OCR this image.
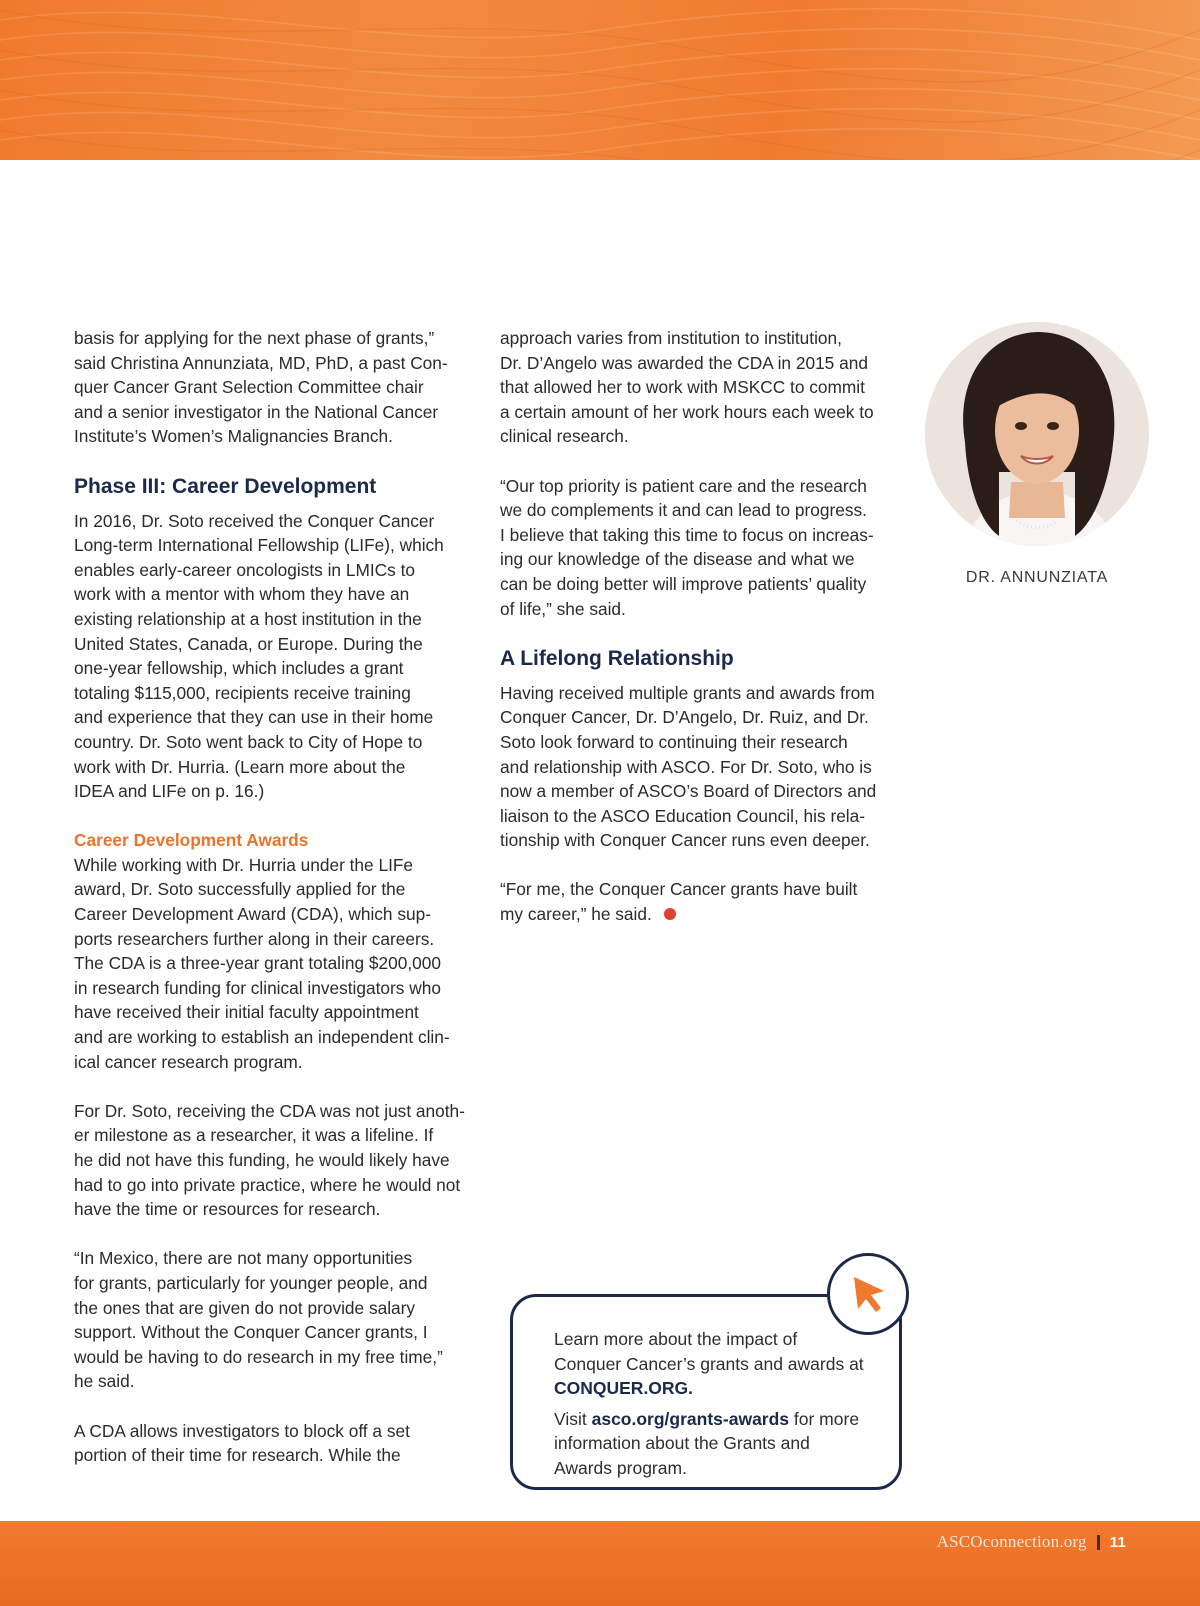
basis for applying for the next phase of grants,”
said Christina Annunziata, MD, PhD, a past Con-
quer Cancer Grant Selection Committee chair
and a senior investigator in the National Cancer
Institute’s Women’s Malignancies Branch.

Phase III: Career Development

In 2016, Dr. Soto received the Conquer Cancer
Long-term International Fellowship (LIFe), which
enables early-career oncologists in LMICs to
work with a mentor with whom they have an
existing relationship at a host institution in the
United States, Canada, or Europe. During the
one-year fellowship, which includes a grant
totaling $115,000, recipients receive training
and experience that they can use in their home
country. Dr. Soto went back to City of Hope to
work with Dr. Hurria. (Learn more about the
IDEA and LIFe on p. 16.)

Career Development Awards

While working with Dr. Hurria under the LIFe
award, Dr. Soto successfully applied for the
Career Development Award (CDA), which sup-
ports researchers further along in their careers.
The CDA is a three-year grant totaling $200,000
in research funding for clinical investigators who
have received their initial faculty appointment
and are working to establish an independent clin-
ical cancer research program.

For Dr. Soto, receiving the CDA was not just anoth-
er milestone as a researcher, it was a lifeline. If
he did not have this funding, he would likely have
had to go into private practice, where he would not
have the time or resources for research.

“In Mexico, there are not many opportunities
for grants, particularly for younger people, and
the ones that are given do not provide salary
support. Without the Conquer Cancer grants, I
would be having to do research in my free time,”
he said.

A CDA allows investigators to block off a set
portion of their time for research. While the

approach varies from institution to institution,
Dr. D’Angelo was awarded the CDA in 2015 and
that allowed her to work with MSKCC to commit
a certain amount of her work hours each week to
clinical research.

“Our top priority is patient care and the research
we do complements it and can lead to progress.
I believe that taking this time to focus on increas-
ing our knowledge of the disease and what we
can be doing better will improve patients’ quality
of life,” she said.

A Lifelong Relationship

Having received multiple grants and awards from
Conquer Cancer, Dr. D’Angelo, Dr. Ruiz, and Dr.
Soto look forward to continuing their research
and relationship with ASCO. For Dr. Soto, who is
now a member of ASCO’s Board of Directors and
liaison to the ASCO Education Council, his rela-
tionship with Conquer Cancer runs even deeper.

“For me, the Conquer Cancer grants have built
my career,” he said.

DR. ANNUNZIATA

Learn more about the impact of Conquer Cancer’s grants and awards at CONQUER.ORG.

Visit asco.org/grants-awards for more information about the Grants and Awards program.

ASCOconnection.org 11
